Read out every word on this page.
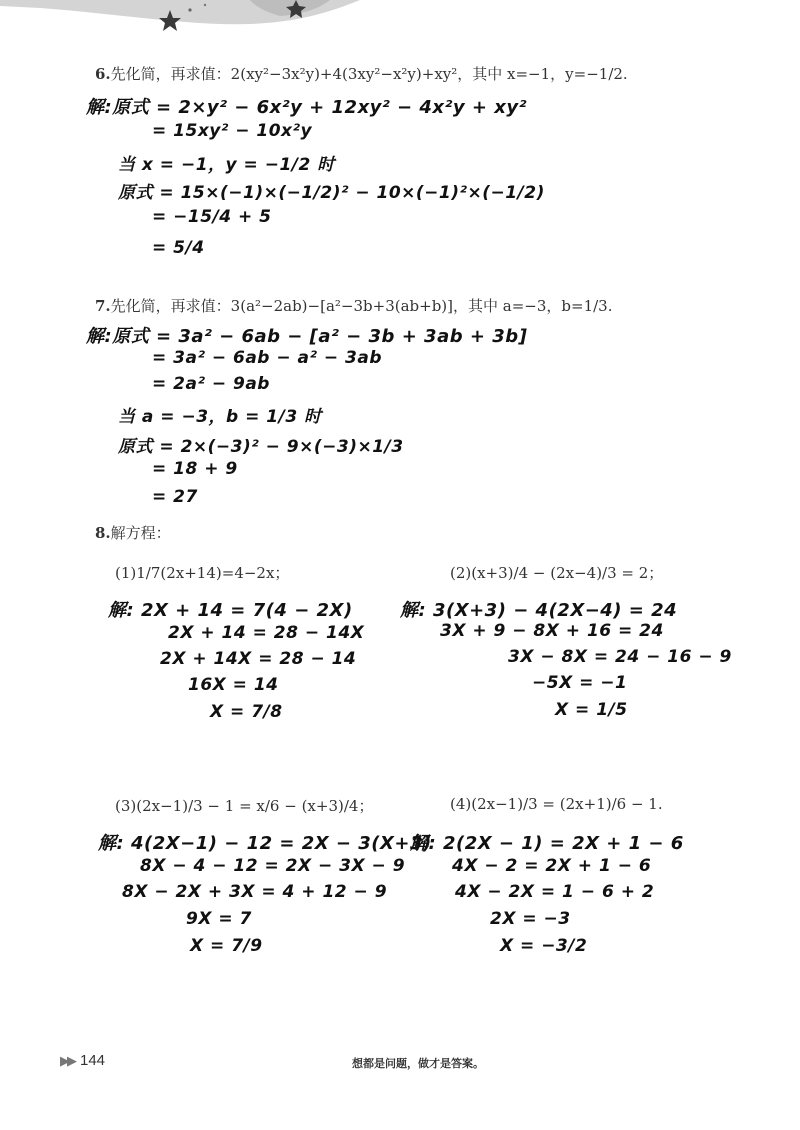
6.先化简，再求值：2(xy²−3x²y)+4(3xy²−x²y)+xy²，其中 x=−1，y=−1/2.
解:原式 = 2×y² − 6x²y + 12xy² − 4x²y + xy²
= 15xy² − 10x²y
当 x = −1，y = −1/2 时
原式 = 15×(−1)×(−1/2)² − 10×(−1)²×(−1/2)
= −15/4 + 5
= 5/4
7.先化简，再求值：3(a²−2ab)−[a²−3b+3(ab+b)]，其中 a=−3，b=1/3.
解:原式 = 3a² − 6ab − [a² − 3b + 3ab + 3b]
= 3a² − 6ab − a² − 3ab
= 2a² − 9ab
当 a = −3，b = 1/3 时
原式 = 2×(−3)² − 9×(−3)×1/3
= 18 + 9
= 27
8.解方程：
(1)1/7(2x+14)=4−2x；
解: 2X + 14 = 7(4 − 2X)
2X + 14 = 28 − 14X
2X + 14X = 28 − 14
16X = 14
X = 7/8
(2)(x+3)/4 − (2x−4)/3 = 2；
解: 3(X+3) − 4(2X−4) = 24
3X + 9 − 8X + 16 = 24
3X − 8X = 24 − 16 − 9
−5X = −1
X = 1/5
(3)(2x−1)/3 − 1 = x/6 − (x+3)/4；
解: 4(2X−1) − 12 = 2X − 3(X+3)
8X − 4 − 12 = 2X − 3X − 9
8X − 2X + 3X = 4 + 12 − 9
9X = 7
X = 7/9
(4)(2x−1)/3 = (2x+1)/6 − 1.
解: 2(2X − 1) = 2X + 1 − 6
4X − 2 = 2X + 1 − 6
4X − 2X = 1 − 6 + 2
2X = −3
X = −3/2
▶▶ 144	想都是问题，做才是答案。
